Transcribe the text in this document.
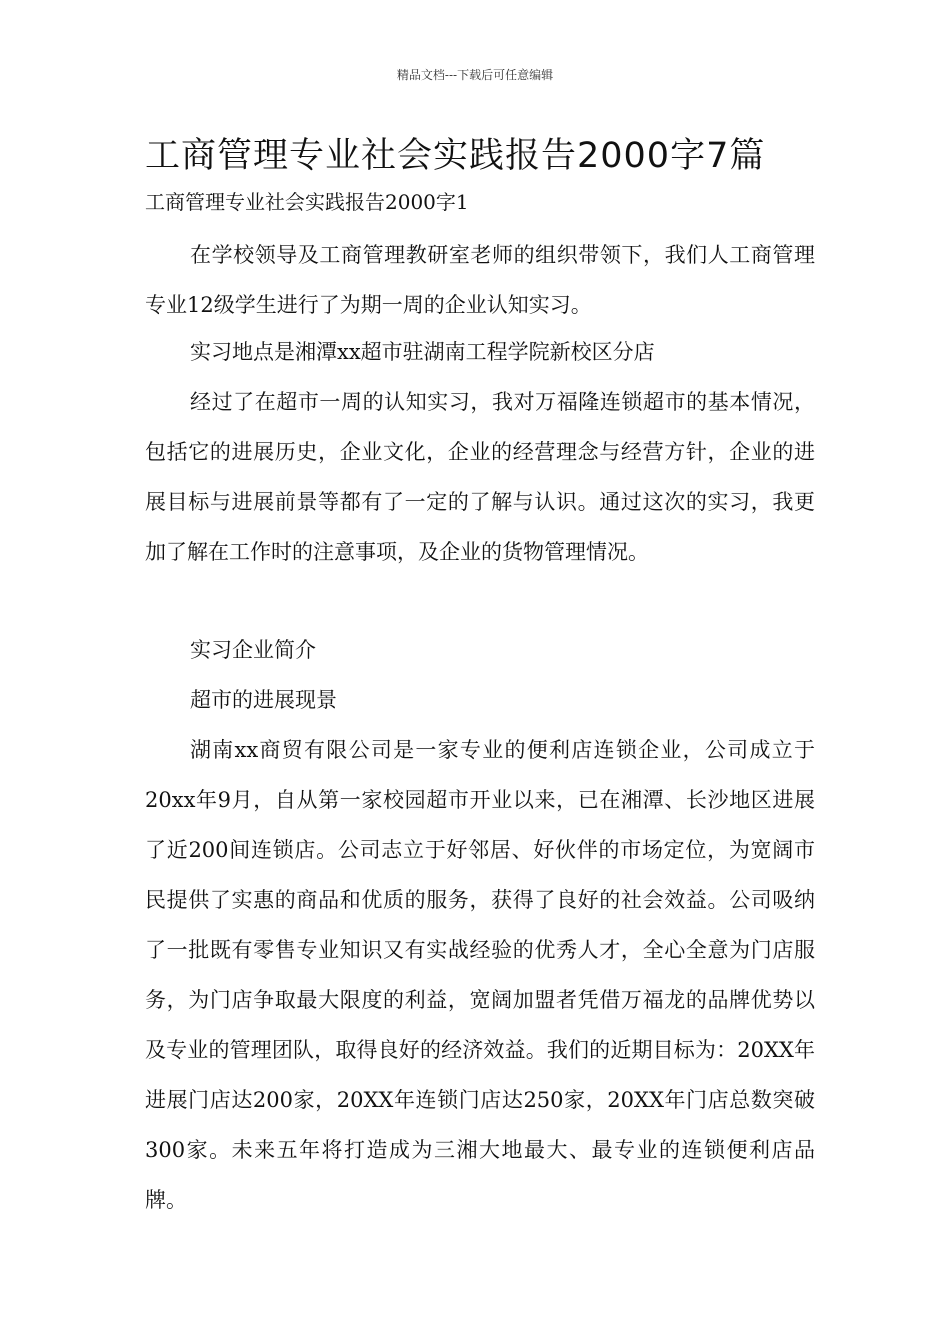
精品文档---下载后可任意编辑
工商管理专业社会实践报告2000字7篇
工商管理专业社会实践报告2000字1

在学校领导及工商管理教研室老师的组织带领下，我们人工商管理专业12级学生进行了为期一周的企业认知实习。

实习地点是湘潭xx超市驻湖南工程学院新校区分店

经过了在超市一周的认知实习，我对万福隆连锁超市的基本情况，包括它的进展历史，企业文化，企业的经营理念与经营方针，企业的进展目标与进展前景等都有了一定的了解与认识。通过这次的实习，我更加了解在工作时的注意事项，及企业的货物管理情况。

实习企业简介

超市的进展现景

湖南xx商贸有限公司是一家专业的便利店连锁企业，公司成立于20xx年9月，自从第一家校园超市开业以来，已在湘潭、长沙地区进展了近200间连锁店。公司志立于好邻居、好伙伴的市场定位，为宽阔市民提供了实惠的商品和优质的服务，获得了良好的社会效益。公司吸纳了一批既有零售专业知识又有实战经验的优秀人才，全心全意为门店服务，为门店争取最大限度的利益，宽阔加盟者凭借万福龙的品牌优势以及专业的管理团队，取得良好的经济效益。我们的近期目标为：20XX年进展门店达200家，20XX年连锁门店达250家，20XX年门店总数突破300家。未来五年将打造成为三湘大地最大、最专业的连锁便利店品牌。
